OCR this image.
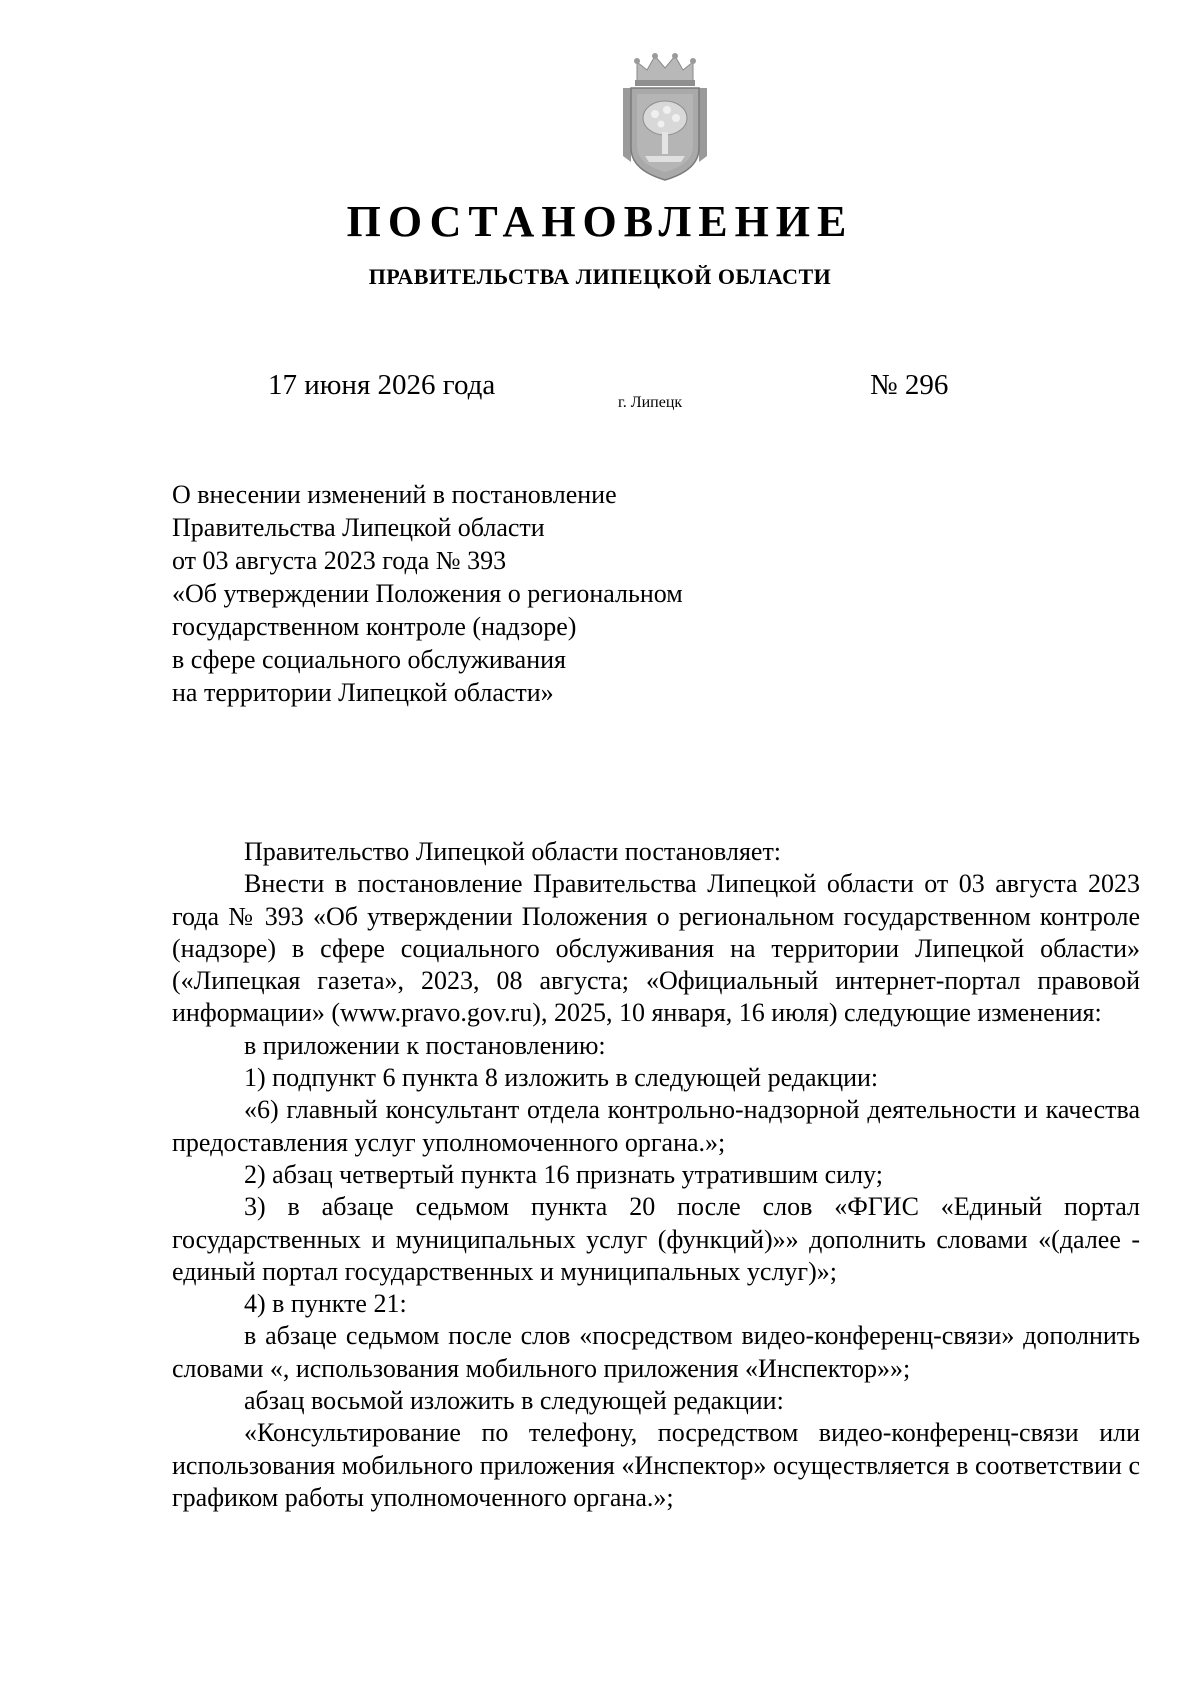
ПОСТАНОВЛЕНИЕ
ПРАВИТЕЛЬСТВА ЛИПЕЦКОЙ ОБЛАСТИ
17 июня 2026 года
г. Липецк
№ 296
О внесении изменений в постановление
Правительства Липецкой области
от 03 августа 2023 года № 393
«Об утверждении Положения о региональном
государственном контроле (надзоре)
в сфере социального обслуживания
на территории Липецкой области»

Правительство Липецкой области постановляет:

Внести в постановление Правительства Липецкой области от 03 августа 2023 года № 393 «Об утверждении Положения о региональном государственном контроле (надзоре) в сфере социального обслуживания на территории Липецкой области» («Липецкая газета», 2023, 08 августа; «Официальный интернет-портал правовой информации» (www.pravo.gov.ru), 2025, 10 января, 16 июля) следующие изменения:

в приложении к постановлению:

1) подпункт 6 пункта 8 изложить в следующей редакции:

«6) главный консультант отдела контрольно-надзорной деятельности и качества предоставления услуг уполномоченного органа.»;

2) абзац четвертый пункта 16 признать утратившим силу;

3) в абзаце седьмом пункта 20 после слов «ФГИС «Единый портал государственных и муниципальных услуг (функций)»» дополнить словами «(далее - единый портал государственных и муниципальных услуг)»;

4) в пункте 21:

в абзаце седьмом после слов «посредством видео-конференц-связи» дополнить словами «, использования мобильного приложения «Инспектор»»;

абзац восьмой изложить в следующей редакции:

«Консультирование по телефону, посредством видео-конференц-связи или использования мобильного приложения «Инспектор» осуществляется в соответствии с графиком работы уполномоченного органа.»;
